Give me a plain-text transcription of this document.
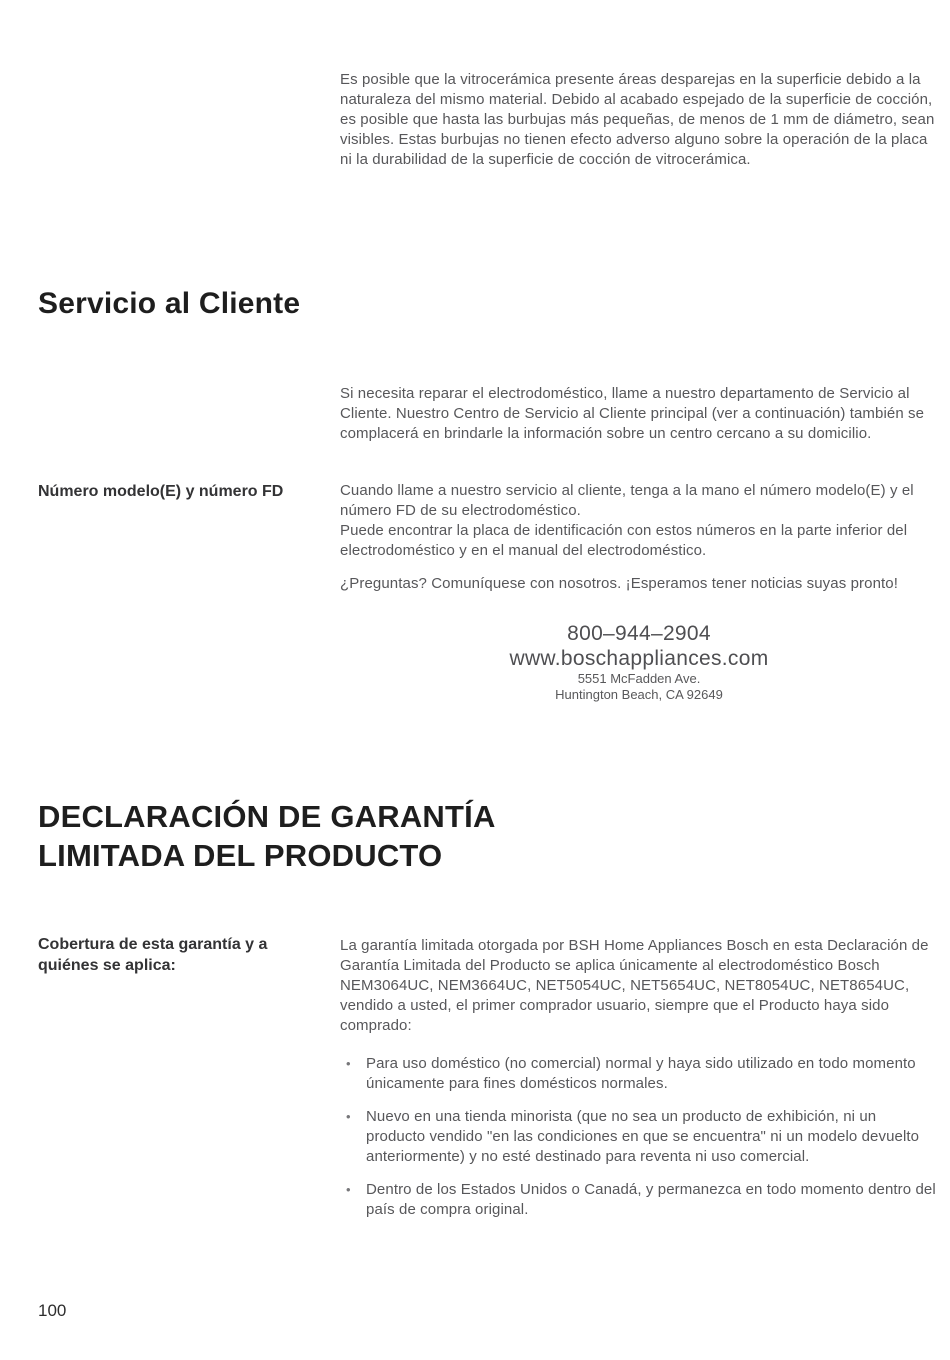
Es posible que la vitrocerámica presente áreas desparejas en la superficie debido a la naturaleza del mismo material. Debido al acabado espejado de la superficie de cocción, es posible que hasta las burbujas más pequeñas, de menos de 1 mm de diámetro, sean visibles. Estas burbujas no tienen efecto adverso alguno sobre la operación de la placa ni la durabilidad de la superficie de cocción de vitrocerámica.

Servicio al Cliente

Si necesita reparar el electrodoméstico, llame a nuestro departamento de Servicio al Cliente. Nuestro Centro de Servicio al Cliente principal (ver a continuación) también se complacerá en brindarle la información sobre un centro cercano a su domicilio.

Número modelo(E) y número FD	Cuando llame a nuestro servicio al cliente, tenga a la mano el número modelo(E) y el número FD de su electrodoméstico.
Puede encontrar la placa de identificación con estos números en la parte inferior del electrodoméstico y en el manual del electrodoméstico.

¿Preguntas? Comuníquese con nosotros. ¡Esperamos tener noticias suyas pronto!

800–944–2904
www.boschappliances.com
5551 McFadden Ave.
Huntington Beach, CA 92649
DECLARACIÓN DE GARANTÍA
LIMITADA DEL PRODUCTO
Cobertura de esta garantía y a
quiénes se aplica:

La garantía limitada otorgada por BSH Home Appliances Bosch en esta Declaración de Garantía Limitada del Producto se aplica únicamente al electrodoméstico Bosch NEM3064UC, NEM3664UC, NET5054UC, NET5654UC, NET8054UC, NET8654UC, vendido a usted, el primer comprador usuario, siempre que el Producto haya sido comprado:

•	Para uso doméstico (no comercial) normal y haya sido utilizado en todo momento únicamente para fines domésticos normales.
•	Nuevo en una tienda minorista (que no sea un producto de exhibición, ni un producto vendido "en las condiciones en que se encuentra" ni un modelo devuelto anteriormente) y no esté destinado para reventa ni uso comercial.
•	Dentro de los Estados Unidos o Canadá, y permanezca en todo momento dentro del país de compra original.
100
